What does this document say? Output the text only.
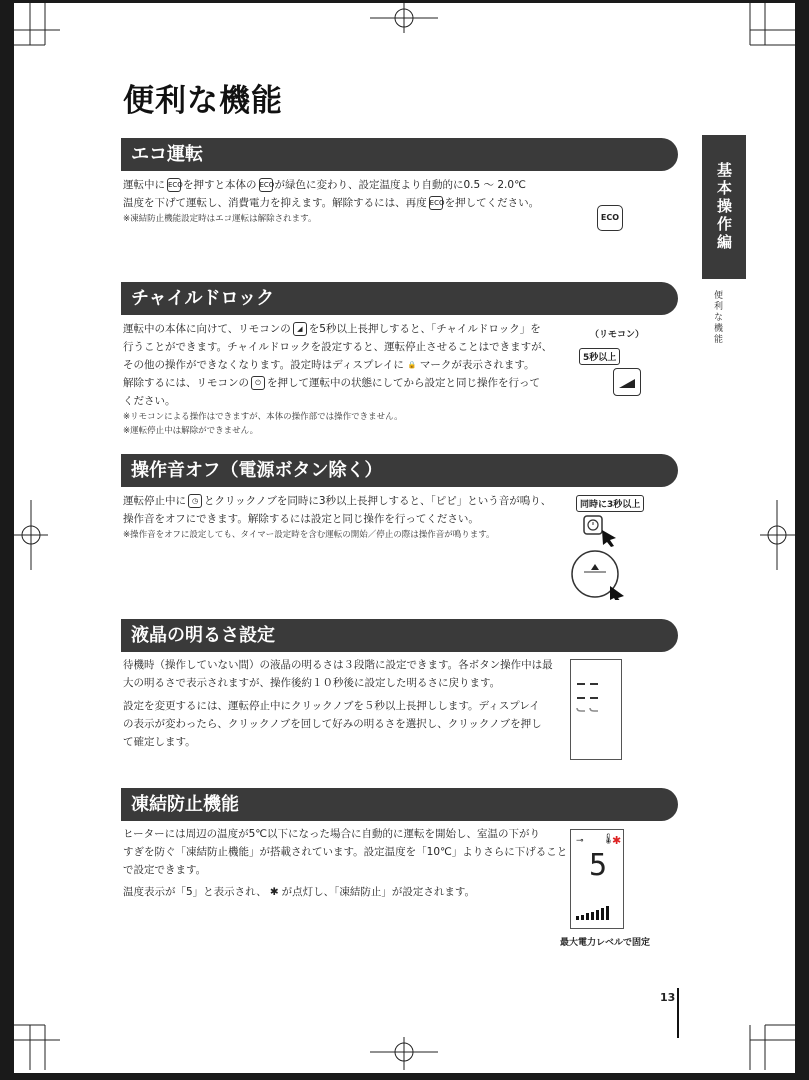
便利な機能
基本操作編
便利な機能
エコ運転

運転中に ECOを押すと本体の ECOが緑色に変わり、設定温度より自動的に0.5 ～ 2.0℃

温度を下げて運転し、消費電力を抑えます。解除するには、再度 ECOを押してください。

※凍結防止機能設定時はエコ運転は解除されます。	ECO
チャイルドロック

運転中の本体に向けて、リモコンの ◢ を5秒以上長押しすると、「チャイルドロック」を

行うことができます。チャイルドロックを設定すると、運転停止させることはできますが、

その他の操作ができなくなります。設定時はディスプレイに 🔒 マークが表示されます。

解除するには、リモコンの ⏻ を押して運転中の状態にしてから設定と同じ操作を行って

ください。

※リモコンによる操作はできますが、本体の操作部では操作できません。

※運転停止中は解除ができません。

（リモコン）
5秒以上
操作音オフ（電源ボタン除く）

運転停止中に ◷ とクリックノブを同時に3秒以上長押しすると、「ピピ」という音が鳴り、

操作音をオフにできます。解除するには設定と同じ操作を行ってください。

※操作音をオフに設定しても、タイマー設定時を含む運転の開始／停止の際は操作音が鳴ります。

同時に3秒以上
液晶の明るさ設定

待機時（操作していない間）の液晶の明るさは３段階に設定できます。各ボタン操作中は最

大の明るさで表示されますが、操作後約１０秒後に設定した明るさに戻ります。

設定を変更するには、運転停止中にクリックノブを５秒以上長押しします。ディスプレイ

の表示が変わったら、クリックノブを回して好みの明るさを選択し、クリックノブを押し

て確定します。

凍結防止機能

ヒーターには周辺の温度が5℃以下になった場合に自動的に運転を開始し、室温の下がり

すぎを防ぐ「凍結防止機能」が搭載されています。設定温度を「10℃」よりさらに下げること

で設定できます。

温度表示が「5」と表示され、 ✱ が点灯し、「凍結防止」が設定されます。

⊸ 🌡
✱
5
最大電力レベルで固定
13
